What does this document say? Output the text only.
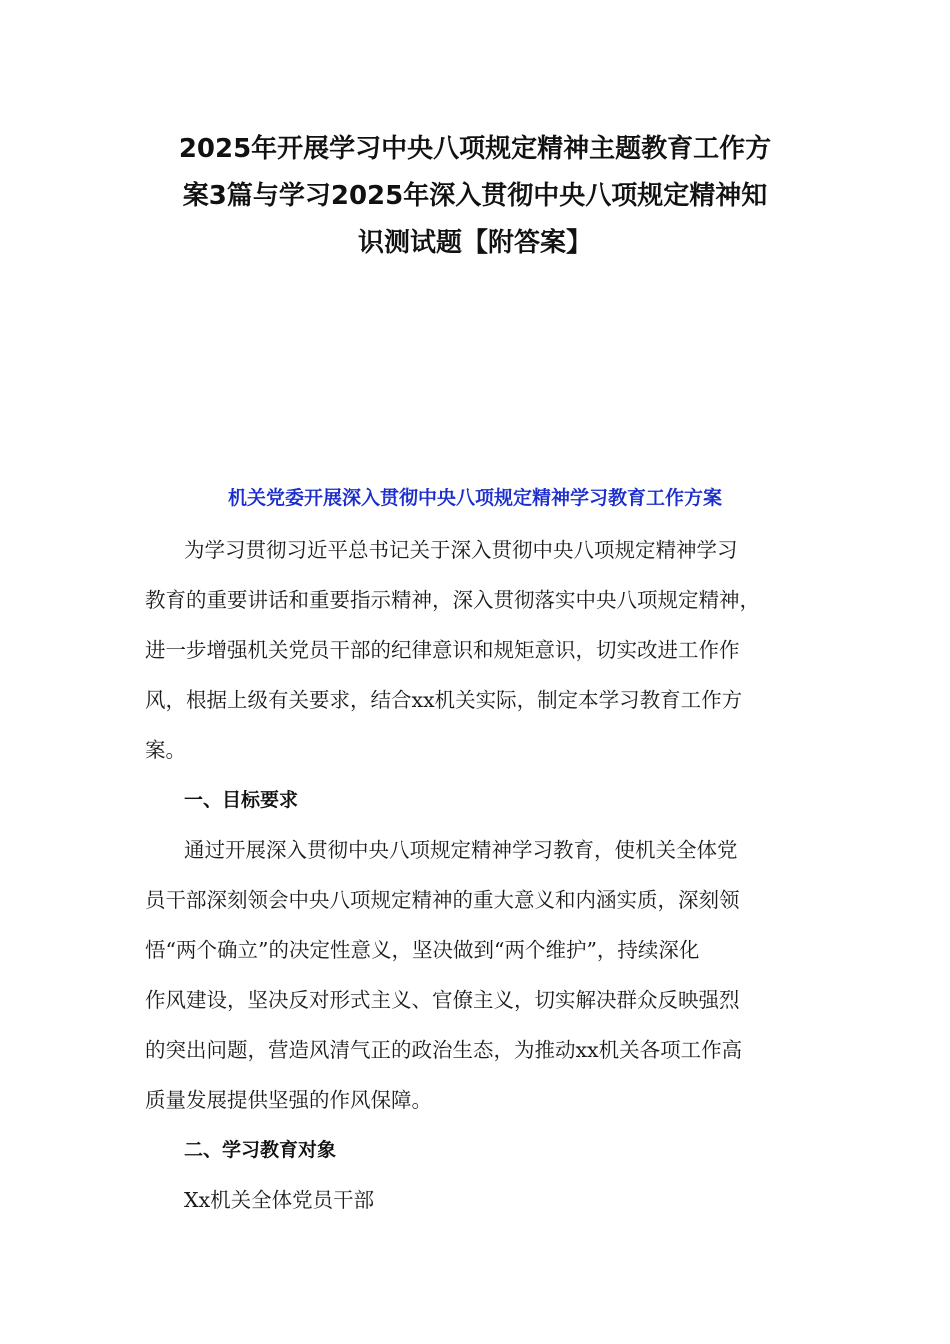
2025年开展学习中央八项规定精神主题教育工作方
案3篇与学习2025年深入贯彻中央八项规定精神知
识测试题【附答案】
机关党委开展深入贯彻中央八项规定精神学习教育工作方案
为学习贯彻习近平总书记关于深入贯彻中央八项规定精神学习
教育的重要讲话和重要指示精神，深入贯彻落实中央八项规定精神，
进一步增强机关党员干部的纪律意识和规矩意识，切实改进工作作
风，根据上级有关要求，结合xx机关实际，制定本学习教育工作方
案。
一、目标要求
通过开展深入贯彻中央八项规定精神学习教育，使机关全体党
员干部深刻领会中央八项规定精神的重大意义和内涵实质，深刻领
悟“两个确立”的决定性意义，坚决做到“两个维护”，持续深化
作风建设，坚决反对形式主义、官僚主义，切实解决群众反映强烈
的突出问题，营造风清气正的政治生态，为推动xx机关各项工作高
质量发展提供坚强的作风保障。
二、学习教育对象
Xx机关全体党员干部
